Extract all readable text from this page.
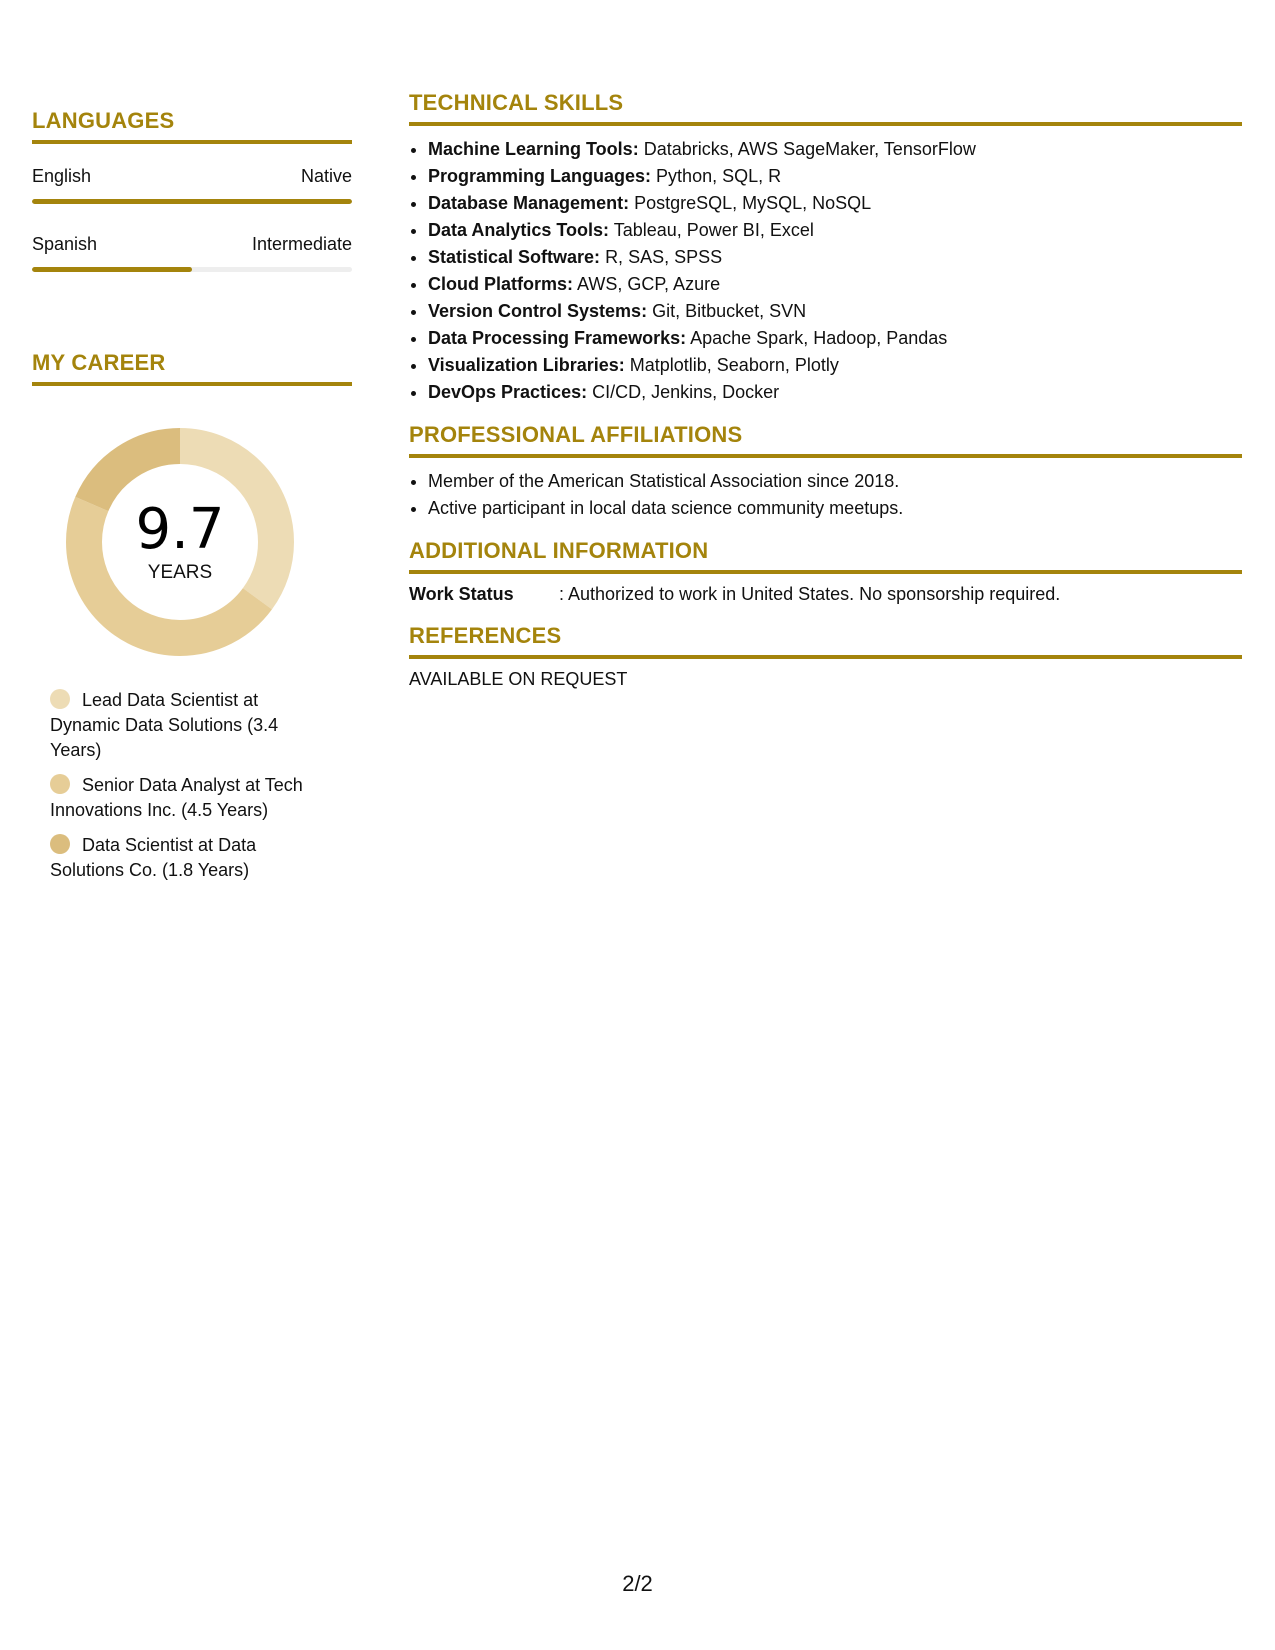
LANGUAGES
English	Native
Spanish	Intermediate
MY CAREER
9.7
YEARS
Lead Data Scientist at Dynamic Data Solutions (3.4 Years)
Senior Data Analyst at Tech Innovations Inc. (4.5 Years)
Data Scientist at Data Solutions Co. (1.8 Years)
TECHNICAL SKILLS
• Machine Learning Tools: Databricks, AWS SageMaker, TensorFlow
• Programming Languages: Python, SQL, R
• Database Management: PostgreSQL, MySQL, NoSQL
• Data Analytics Tools: Tableau, Power BI, Excel
• Statistical Software: R, SAS, SPSS
• Cloud Platforms: AWS, GCP, Azure
• Version Control Systems: Git, Bitbucket, SVN
• Data Processing Frameworks: Apache Spark, Hadoop, Pandas
• Visualization Libraries: Matplotlib, Seaborn, Plotly
• DevOps Practices: CI/CD, Jenkins, Docker
PROFESSIONAL AFFILIATIONS
• Member of the American Statistical Association since 2018.
• Active participant in local data science community meetups.
ADDITIONAL INFORMATION
Work Status	: Authorized to work in United States. No sponsorship required.
REFERENCES
AVAILABLE ON REQUEST
2/2
